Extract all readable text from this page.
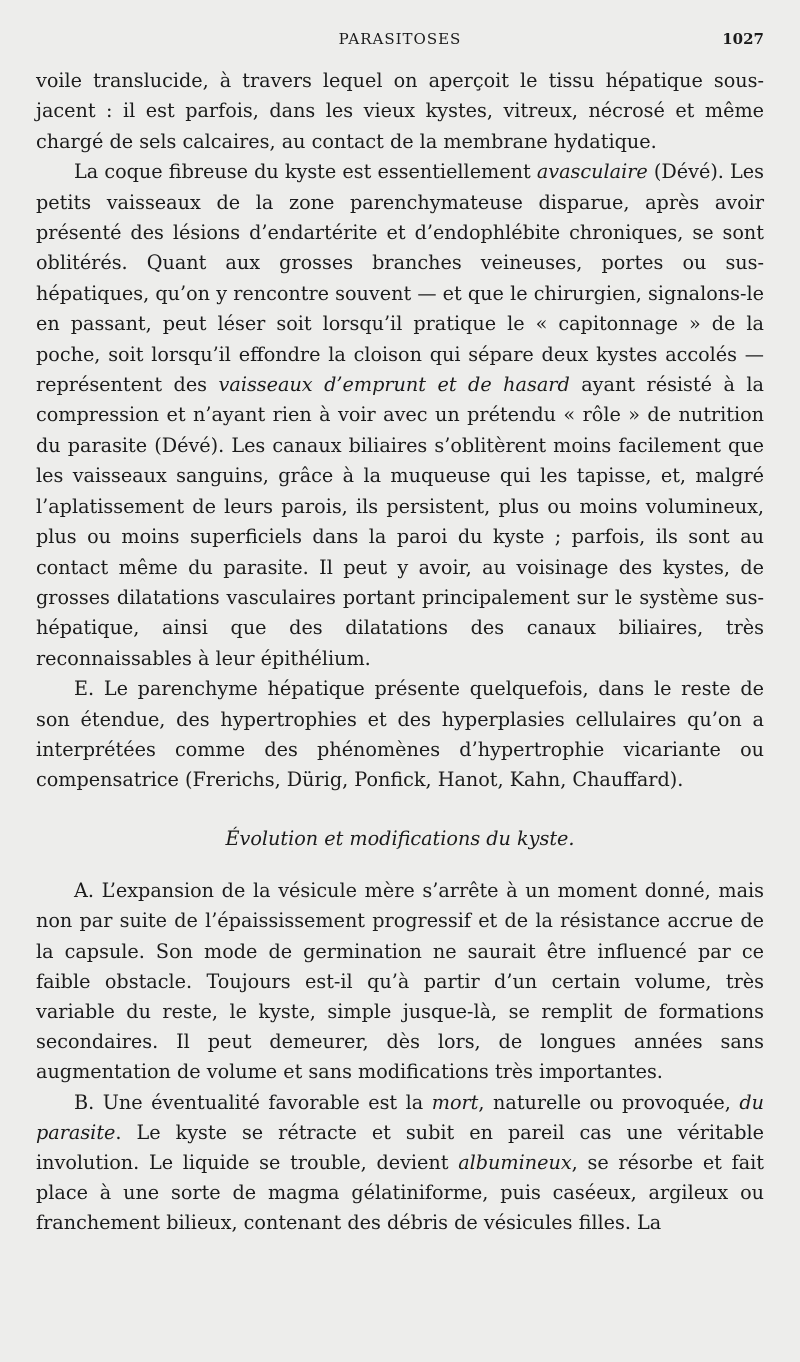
PARASITOSES	1027

voile translucide, à travers lequel on aperçoit le tissu hépatique sous-jacent : il est parfois, dans les vieux kystes, vitreux, nécrosé et même chargé de sels calcaires, au contact de la membrane hydatique.

La coque fibreuse du kyste est essentiellement avasculaire (Dévé). Les petits vaisseaux de la zone parenchymateuse disparue, après avoir présenté des lésions d’endartérite et d’endophlébite chroniques, se sont oblitérés. Quant aux grosses branches veineuses, portes ou sus-hépatiques, qu’on y rencontre souvent — et que le chirurgien, signalons-le en passant, peut léser soit lorsqu’il pratique le « capitonnage » de la poche, soit lorsqu’il effondre la cloison qui sépare deux kystes accolés — représentent des vaisseaux d’emprunt et de hasard ayant résisté à la compression et n’ayant rien à voir avec un prétendu « rôle » de nutrition du parasite (Dévé). Les canaux biliaires s’oblitèrent moins facilement que les vaisseaux sanguins, grâce à la muqueuse qui les tapisse, et, malgré l’aplatissement de leurs parois, ils persistent, plus ou moins volumineux, plus ou moins superficiels dans la paroi du kyste ; parfois, ils sont au contact même du parasite. Il peut y avoir, au voisinage des kystes, de grosses dilatations vasculaires portant principalement sur le système sus-hépatique, ainsi que des dilatations des canaux biliaires, très reconnaissables à leur épithélium.

E. Le parenchyme hépatique présente quelquefois, dans le reste de son étendue, des hypertrophies et des hyperplasies cellulaires qu’on a interprétées comme des phénomènes d’hypertrophie vicariante ou compensatrice (Frerichs, Dürig, Ponfick, Hanot, Kahn, Chauffard).

Évolution et modifications du kyste.

A. L’expansion de la vésicule mère s’arrête à un moment donné, mais non par suite de l’épaississement progressif et de la résistance accrue de la capsule. Son mode de germination ne saurait être influencé par ce faible obstacle. Toujours est-il qu’à partir d’un certain volume, très variable du reste, le kyste, simple jusque-là, se remplit de formations secondaires. Il peut demeurer, dès lors, de longues années sans augmentation de volume et sans modifications très importantes.

B. Une éventualité favorable est la mort, naturelle ou provoquée, du parasite. Le kyste se rétracte et subit en pareil cas une véritable involution. Le liquide se trouble, devient albumineux, se résorbe et fait place à une sorte de magma gélatiniforme, puis caséeux, argileux ou franchement bilieux, contenant des débris de vésicules filles. La
